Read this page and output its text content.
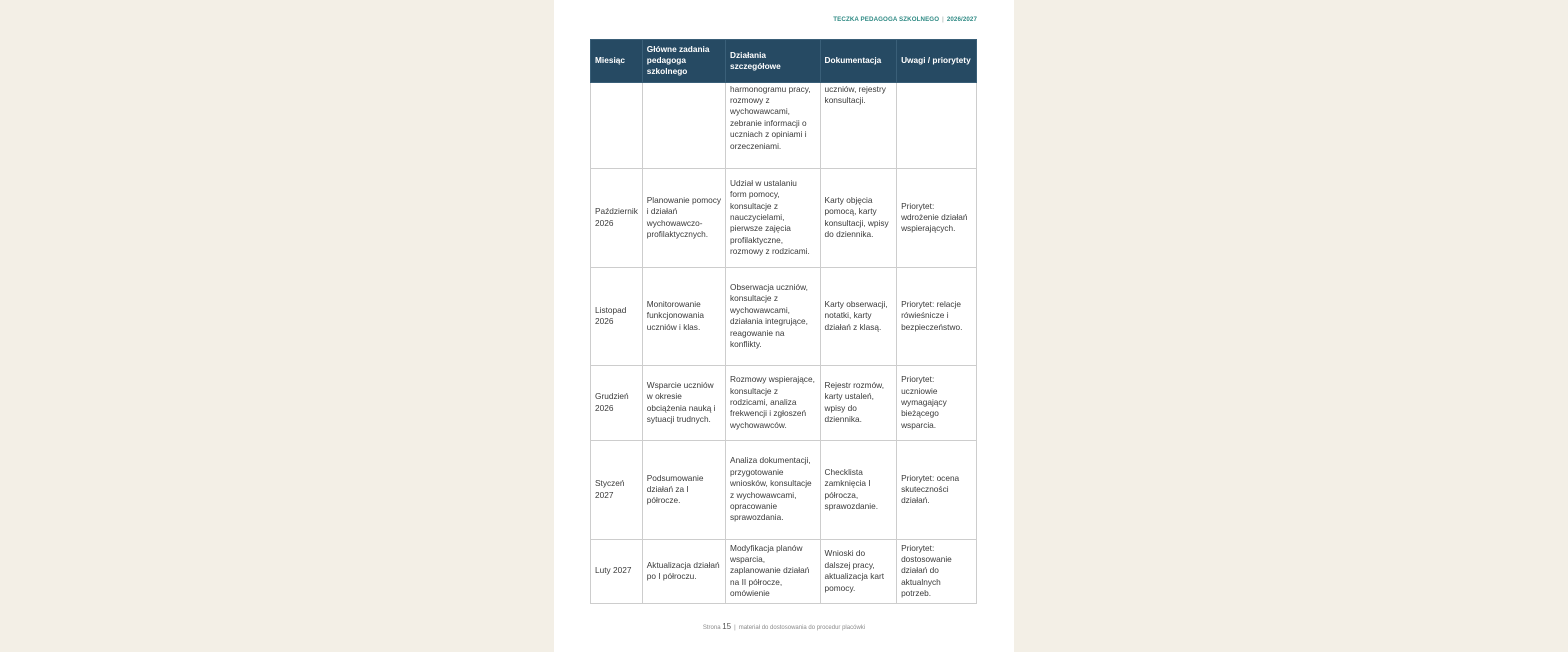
TECZKA PEDAGOGA SZKOLNEGO | 2026/2027
Miesiąc	Główne zadania pedagoga szkolnego	Działania szczegółowe	Dokumentacja	Uwagi / priorytety
		harmonogramu pracy, rozmowy z wychowawcami, zebranie informacji o uczniach z opiniami i orzeczeniami.	uczniów, rejestry konsultacji.	
Październik 2026	Planowanie pomocy i działań wychowawczo-profilaktycznych.	Udział w ustalaniu form pomocy, konsultacje z nauczycielami, pierwsze zajęcia profilaktyczne, rozmowy z rodzicami.	Karty objęcia pomocą, karty konsultacji, wpisy do dziennika.	Priorytet: wdrożenie działań wspierających.
Listopad 2026	Monitorowanie funkcjonowania uczniów i klas.	Obserwacja uczniów, konsultacje z wychowawcami, działania integrujące, reagowanie na konflikty.	Karty obserwacji, notatki, karty działań z klasą.	Priorytet: relacje rówieśnicze i bezpieczeństwo.
Grudzień 2026	Wsparcie uczniów w okresie obciążenia nauką i sytuacji trudnych.	Rozmowy wspierające, konsultacje z rodzicami, analiza frekwencji i zgłoszeń wychowawców.	Rejestr rozmów, karty ustaleń, wpisy do dziennika.	Priorytet: uczniowie wymagający bieżącego wsparcia.
Styczeń 2027	Podsumowanie działań za I półrocze.	Analiza dokumentacji, przygotowanie wniosków, konsultacje z wychowawcami, opracowanie sprawozdania.	Checklista zamknięcia I półrocza, sprawozdanie.	Priorytet: ocena skuteczności działań.
Luty 2027	Aktualizacja działań po I półroczu.	Modyfikacja planów wsparcia, zaplanowanie działań na II półrocze, omówienie	Wnioski do dalszej pracy, aktualizacja kart pomocy.	Priorytet: dostosowanie działań do aktualnych potrzeb.
Strona 15 | materiał do dostosowania do procedur placówki
